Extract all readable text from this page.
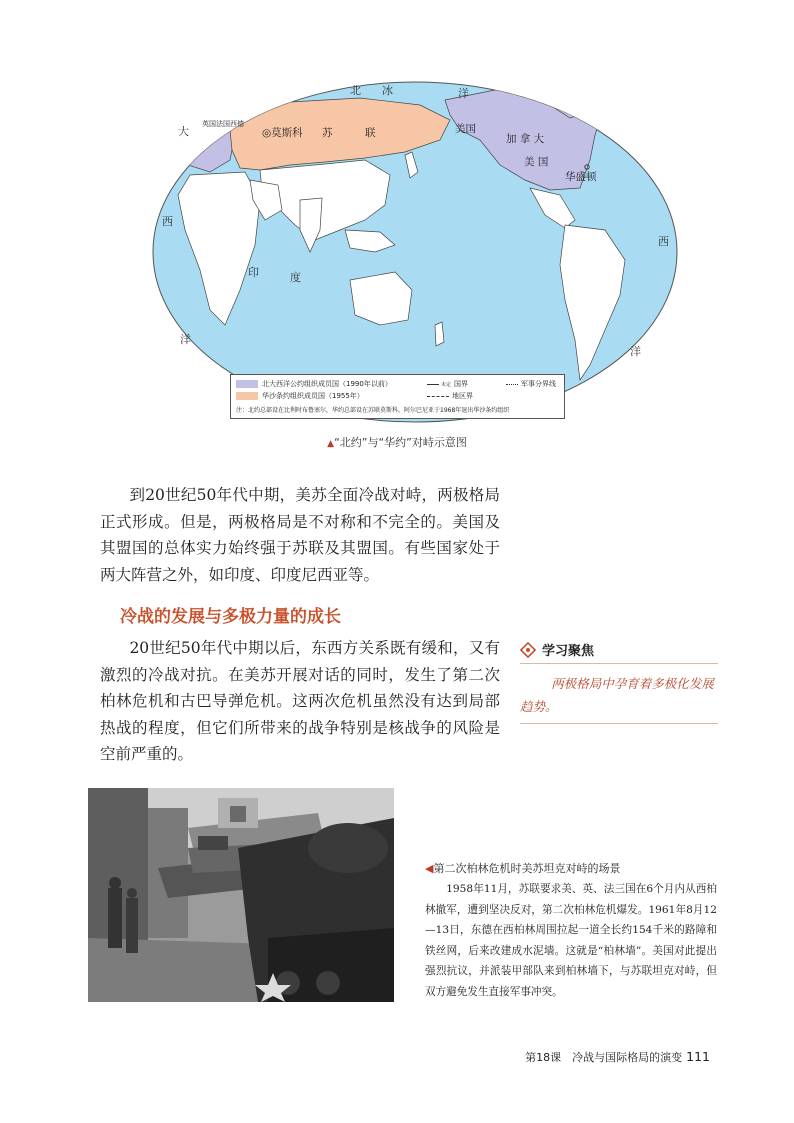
北 冰	洋
大
西
西
印	度
洋
洋
◎莫斯科 苏	联	美国
加 拿 大
美 国
华盛顿
英国法国西德
北大西洋公约组织成员国（1990年以前）
华沙条约组织成员国（1955年）
未定 国界	军事分界线
地区界
注：北约总部设在比利时布鲁塞尔，华约总部设在苏联莫斯科。阿尔巴尼亚于1968年退出华沙条约组织
▲“北约”与“华约”对峙示意图

到20世纪50年代中期，美苏全面冷战对峙，两极格局正式形成。但是，两极格局是不对称和不完全的。美国及其盟国的总体实力始终强于苏联及其盟国。有些国家处于两大阵营之外，如印度、印度尼西亚等。

冷战的发展与多极力量的成长

20世纪50年代中期以后，东西方关系既有缓和，又有激烈的冷战对抗。在美苏开展对话的同时，发生了第二次柏林危机和古巴导弹危机。这两次危机虽然没有达到局部热战的程度，但它们所带来的战争特别是核战争的风险是空前严重的。

学习聚焦
两极格局中孕育着多极化发展趋势。
◀第二次柏林危机时美苏坦克对峙的场景

1958年11月，苏联要求美、英、法三国在6个月内从西柏林撤军，遭到坚决反对，第二次柏林危机爆发。1961年8月12—13日，东德在西柏林周围拉起一道全长约154千米的路障和铁丝网，后来改建成水泥墙。这就是“柏林墙”。美国对此提出强烈抗议，并派装甲部队来到柏林墙下，与苏联坦克对峙，但双方避免发生直接军事冲突。

第18课　冷战与国际格局的演变 111
